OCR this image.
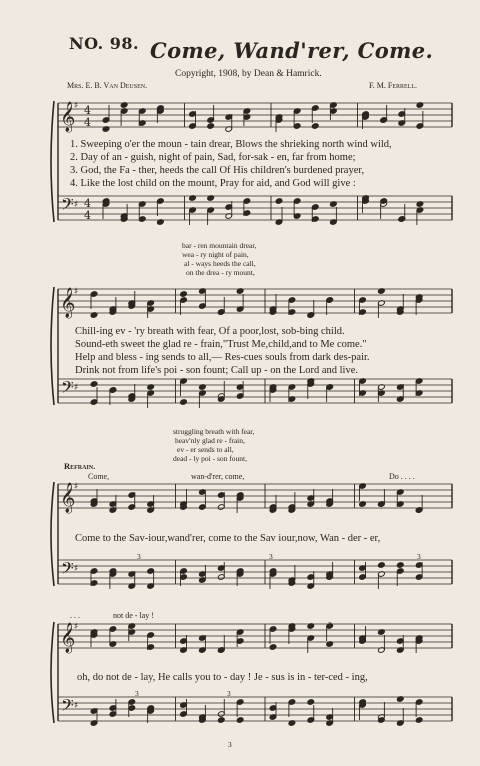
NO. 98. Come, Wand'rer, Come.
Copyright, 1908, by Dean & Hamrick.
Mrs. E. B. Van Deusen.	F. M. Ferrell.
𝄞
𝄢
♯
♯
4
4
4
4
𝄞
𝄢
♯
♯
𝄞
𝄢
♯
♯
𝄞
𝄢
♯
♯
1. Sweeping o'er the moun - tain drear, Blows the shrieking north wind wild,
2. Day of an - guish, night of pain, Sad, for-sak - en, far from home;
3. God, the Fa - ther, heeds the call Of His children's burdened prayer,
4. Like the lost child on the mount, Pray for aid, and God will give :
bar - ren mountain drear,
wea - ry night of pain,
al - ways heeds the call,
on the drea - ry mount,
Chill-ing ev - 'ry breath with fear, Of a poor,lost, sob-bing child.
Sound-eth sweet the glad re - frain,"Trust Me,child,and to Me come."
Help and bless - ing sends to all,— Res-cues souls from dark des-pair.
Drink not from life's poi - son fount; Call up - on the Lord and live.
struggling breath with fear,
heav'nly glad re - frain,
ev - er sends to all,
dead - ly poi - son fount,
Refrain.
Come,	wan-d'rer, come,	Do . . . .
Come to the Sav-iour,wand'rer, come to the Sav iour,now, Wan - der - er,
3	3	3
. . .	not de - lay !
3
oh, do not de - lay, He calls you to - day ! Je - sus is in - ter-ced - ing,
3	3
3
